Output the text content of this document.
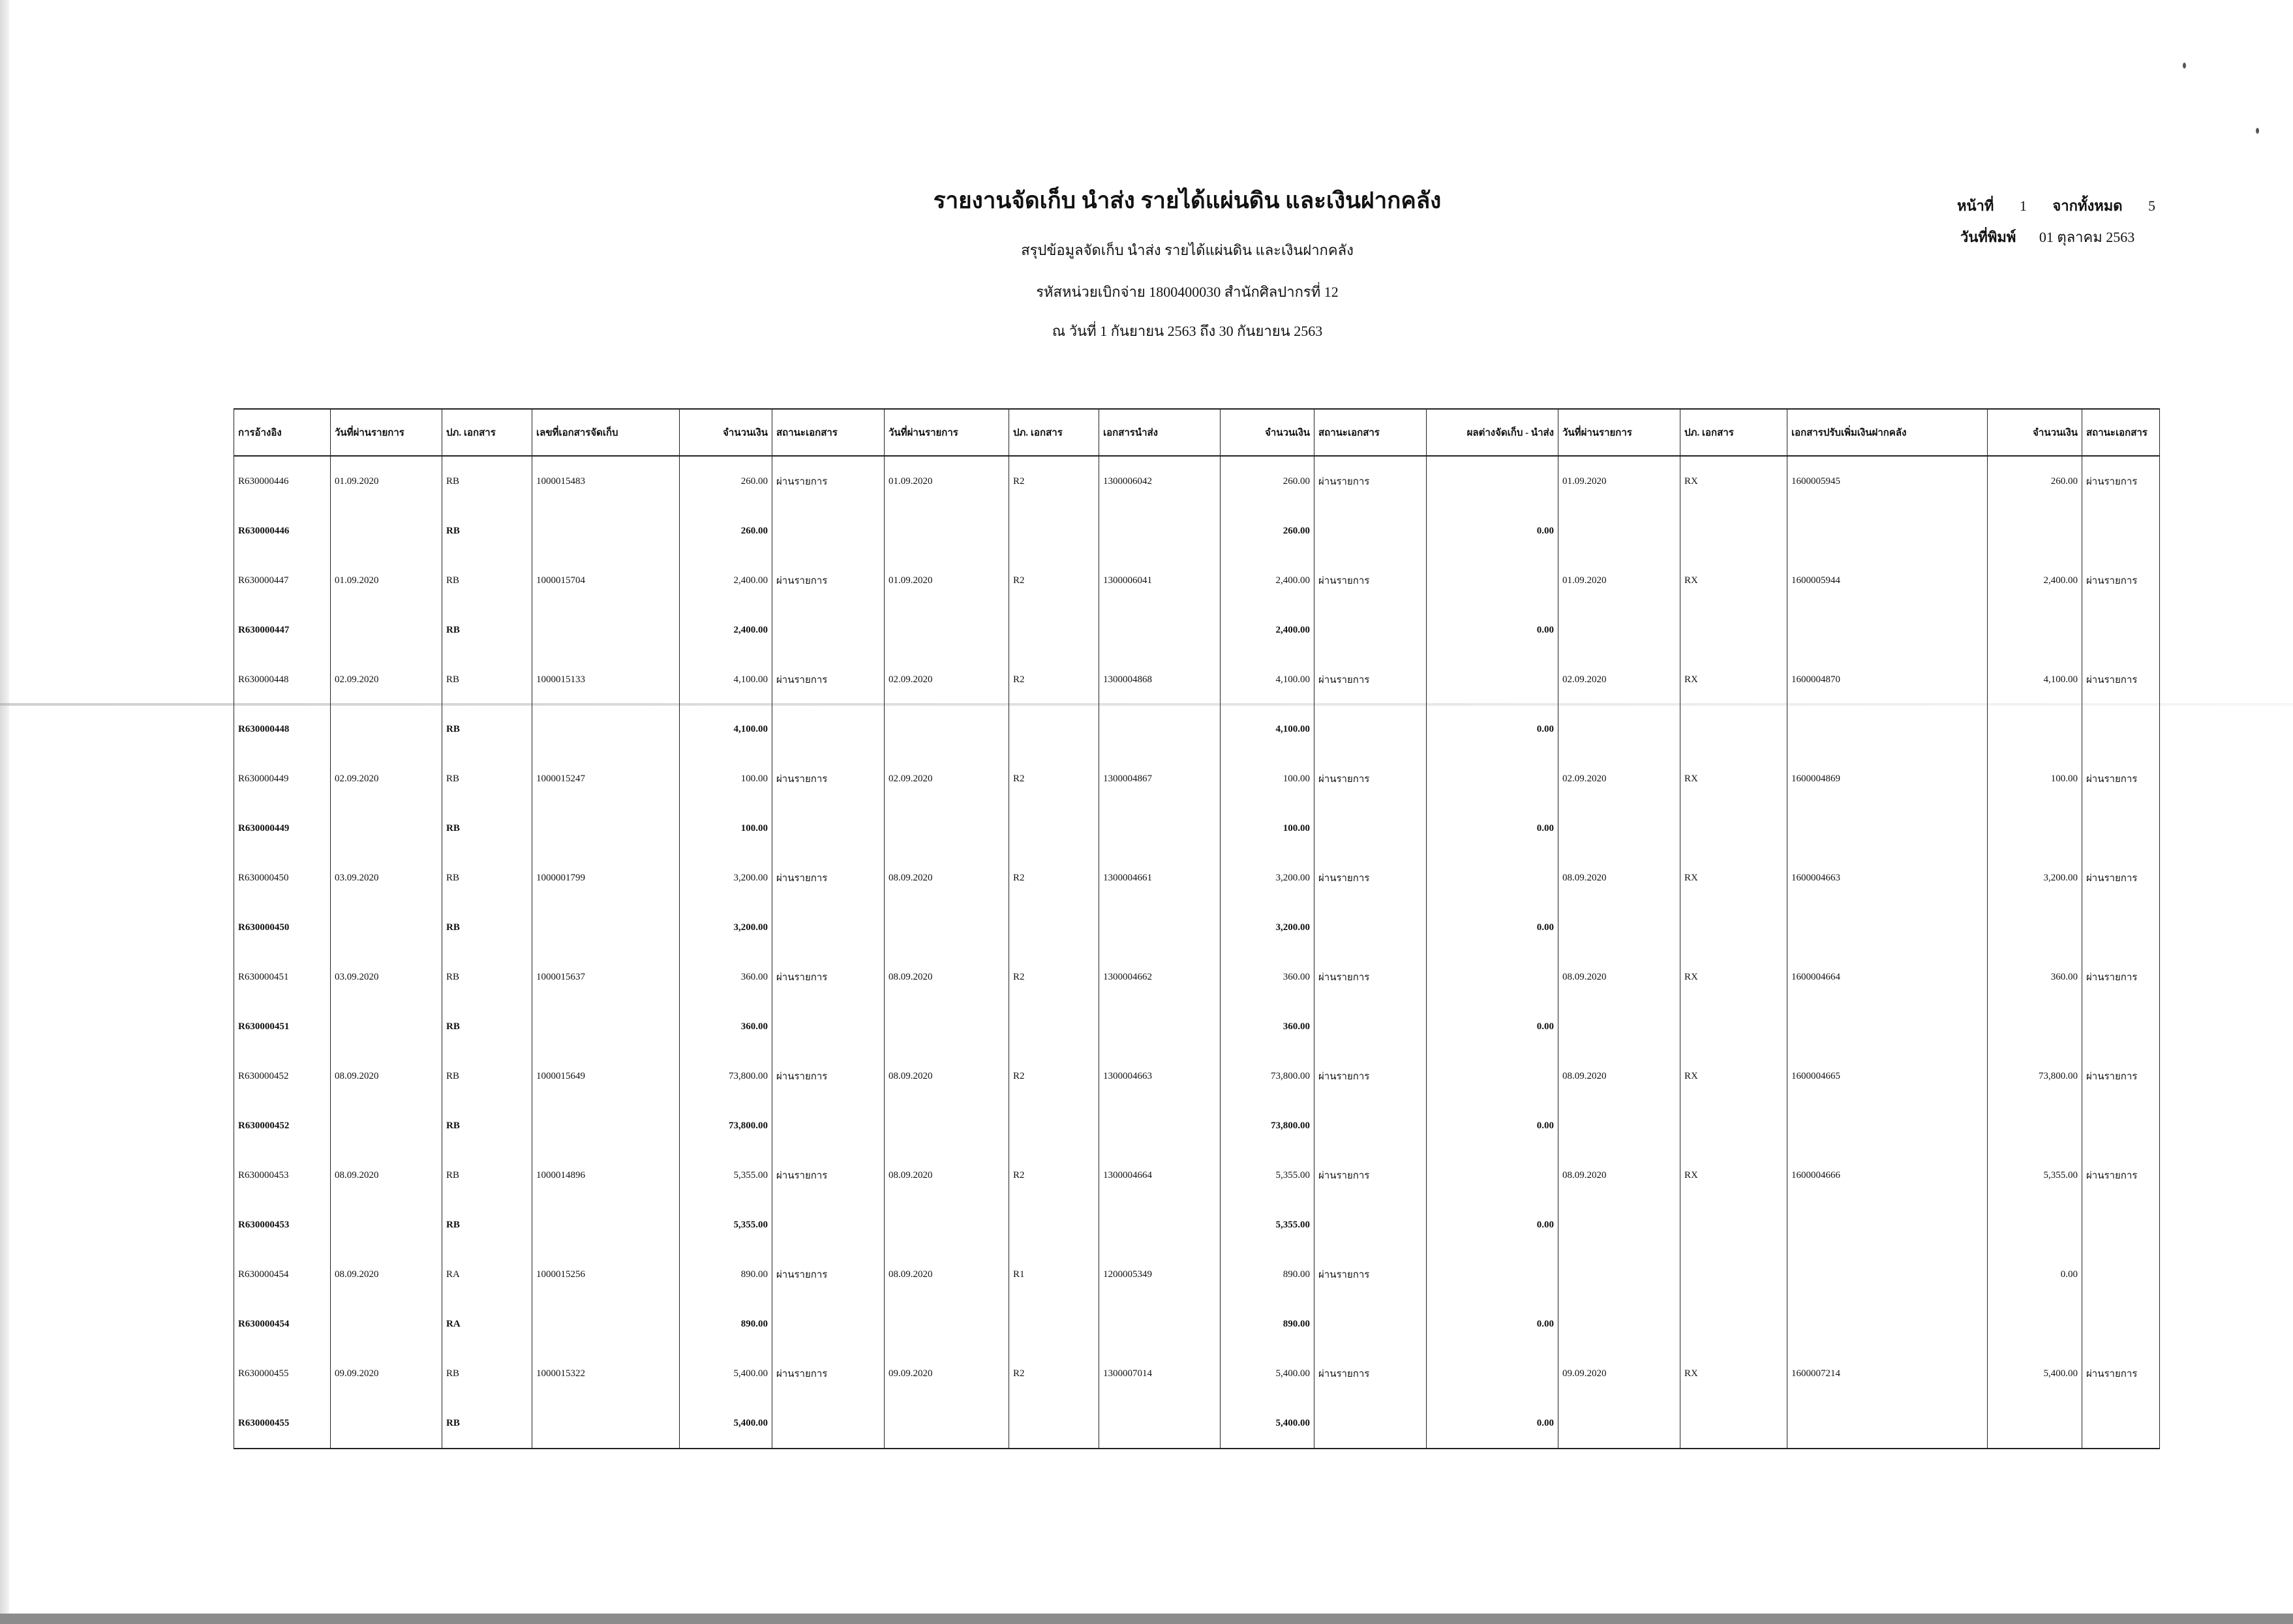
รายงานจัดเก็บ นำส่ง รายได้แผ่นดิน และเงินฝากคลัง
สรุปข้อมูลจัดเก็บ นำส่ง รายได้แผ่นดิน และเงินฝากคลัง
รหัสหน่วยเบิกจ่าย 1800400030 สำนักศิลปากรที่ 12
ณ วันที่ 1 กันยายน 2563 ถึง 30 กันยายน 2563
หน้าที่ 1 จากทั้งหมด 5
วันที่พิมพ์ 01 ตุลาคม 2563
การอ้างอิง	วันที่ผ่านรายการ	ปภ. เอกสาร	เลขที่เอกสารจัดเก็บ	จำนวนเงิน	สถานะเอกสาร	วันที่ผ่านรายการ	ปภ. เอกสาร	เอกสารนำส่ง	จำนวนเงิน	สถานะเอกสาร	ผลต่างจัดเก็บ - นำส่ง	วันที่ผ่านรายการ	ปภ. เอกสาร	เอกสารปรับเพิ่มเงินฝากคลัง	จำนวนเงิน	สถานะเอกสาร
R630000446	01.09.2020	RB	1000015483	260.00	ผ่านรายการ	01.09.2020	R2	1300006042	260.00	ผ่านรายการ		01.09.2020	RX	1600005945	260.00	ผ่านรายการ
R630000446		RB		260.00					260.00		0.00					
R630000447	01.09.2020	RB	1000015704	2,400.00	ผ่านรายการ	01.09.2020	R2	1300006041	2,400.00	ผ่านรายการ		01.09.2020	RX	1600005944	2,400.00	ผ่านรายการ
R630000447		RB		2,400.00					2,400.00		0.00					
R630000448	02.09.2020	RB	1000015133	4,100.00	ผ่านรายการ	02.09.2020	R2	1300004868	4,100.00	ผ่านรายการ		02.09.2020	RX	1600004870	4,100.00	ผ่านรายการ
R630000448		RB		4,100.00					4,100.00		0.00					
R630000449	02.09.2020	RB	1000015247	100.00	ผ่านรายการ	02.09.2020	R2	1300004867	100.00	ผ่านรายการ		02.09.2020	RX	1600004869	100.00	ผ่านรายการ
R630000449		RB		100.00					100.00		0.00					
R630000450	03.09.2020	RB	1000001799	3,200.00	ผ่านรายการ	08.09.2020	R2	1300004661	3,200.00	ผ่านรายการ		08.09.2020	RX	1600004663	3,200.00	ผ่านรายการ
R630000450		RB		3,200.00					3,200.00		0.00					
R630000451	03.09.2020	RB	1000015637	360.00	ผ่านรายการ	08.09.2020	R2	1300004662	360.00	ผ่านรายการ		08.09.2020	RX	1600004664	360.00	ผ่านรายการ
R630000451		RB		360.00					360.00		0.00					
R630000452	08.09.2020	RB	1000015649	73,800.00	ผ่านรายการ	08.09.2020	R2	1300004663	73,800.00	ผ่านรายการ		08.09.2020	RX	1600004665	73,800.00	ผ่านรายการ
R630000452		RB		73,800.00					73,800.00		0.00					
R630000453	08.09.2020	RB	1000014896	5,355.00	ผ่านรายการ	08.09.2020	R2	1300004664	5,355.00	ผ่านรายการ		08.09.2020	RX	1600004666	5,355.00	ผ่านรายการ
R630000453		RB		5,355.00					5,355.00		0.00					
R630000454	08.09.2020	RA	1000015256	890.00	ผ่านรายการ	08.09.2020	R1	1200005349	890.00	ผ่านรายการ					0.00	
R630000454		RA		890.00					890.00		0.00					
R630000455	09.09.2020	RB	1000015322	5,400.00	ผ่านรายการ	09.09.2020	R2	1300007014	5,400.00	ผ่านรายการ		09.09.2020	RX	1600007214	5,400.00	ผ่านรายการ
R630000455		RB		5,400.00					5,400.00		0.00					
